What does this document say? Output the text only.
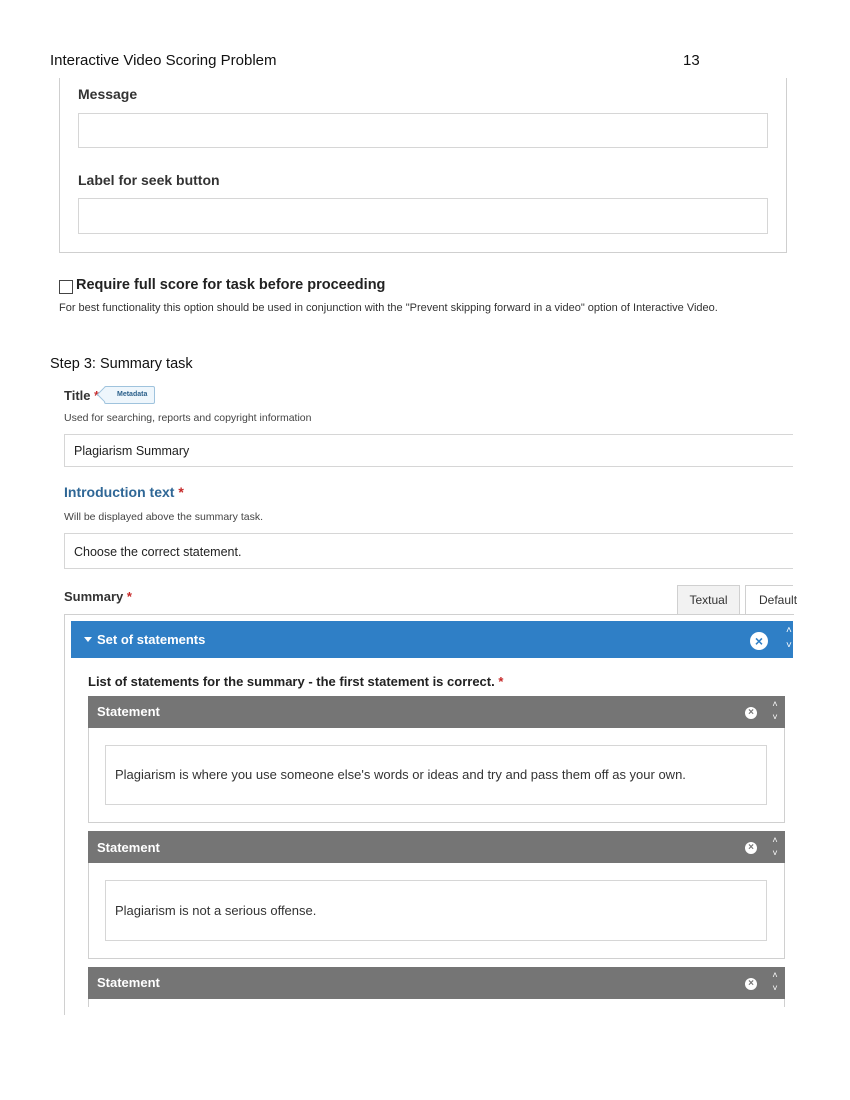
Interactive Video Scoring Problem	13
Message
Label for seek button
Require full score for task before proceeding
For best functionality this option should be used in conjunction with the "Prevent skipping forward in a video" option of Interactive Video.
Step 3: Summary task
Title *	Metadata
Used for searching, reports and copyright information
Plagiarism Summary
Introduction text *
Will be displayed above the summary task.
Choose the correct statement.
Summary *	Textual	Default
Set of statements	×
˄
˅
List of statements for the summary - the first statement is correct. *
Statement	×
˄
˅
Plagiarism is where you use someone else's words or ideas and try and pass them off as your own.
Statement	×
˄
˅
Plagiarism is not a serious offense.
Statement	×
˄
˅
